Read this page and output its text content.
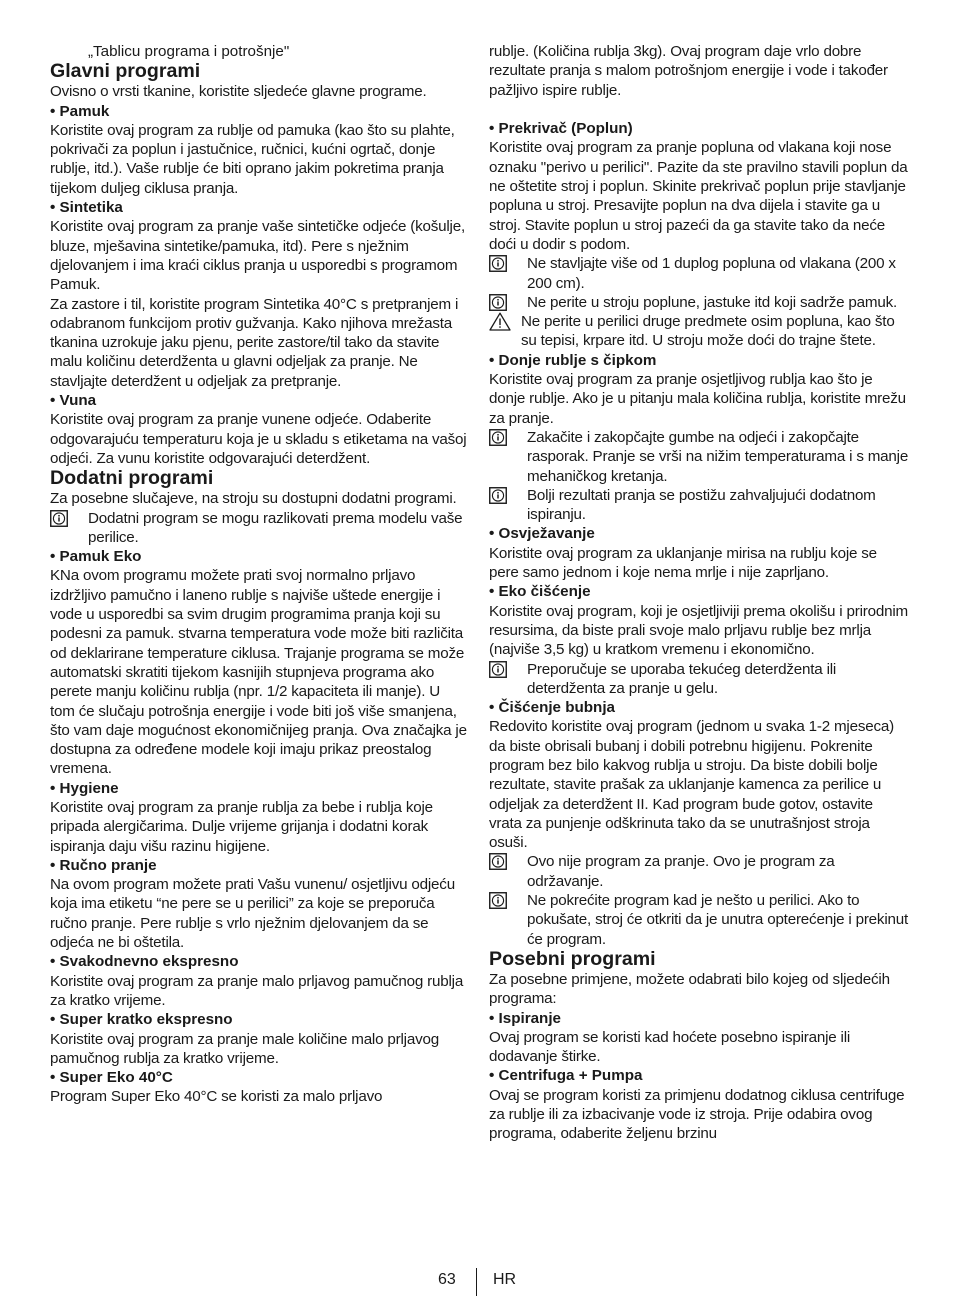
„Tablicu programa i potrošnje"

Glavni programi

Ovisno o vrsti tkanine, koristite sljedeće glavne programe.

• Pamuk

Koristite ovaj program za rublje od pamuka (kao što su plahte, pokrivači za poplun i jastučnice, ručnici, kućni ogrtač, donje rublje, itd.). Vaše rublje će biti oprano jakim pokretima pranja tijekom duljeg ciklusa pranja.

• Sintetika

Koristite ovaj program za pranje vaše sintetičke odjeće (košulje, bluze, mješavina sintetike/pamuka, itd). Pere s nježnim djelovanjem i ima kraći ciklus pranja u usporedbi s programom Pamuk.

Za zastore i til, koristite program Sintetika 40°C s pretpranjem i odabranom funkcijom protiv gužvanja. Kako njihova mrežasta tkanina uzrokuje jaku pjenu, perite zastore/til tako da stavite malu količinu deterdženta u glavni odjeljak za pranje. Ne stavljajte deterdžent u odjeljak za pretpranje.

• Vuna

Koristite ovaj program za pranje vunene odjeće. Odaberite odgovarajuću temperaturu koja je u skladu s etiketama na vašoj odjeći. Za vunu koristite odgovarajući deterdžent.

Dodatni programi

Za posebne slučajeve, na stroju su dostupni dodatni programi.

Dodatni program se mogu razlikovati prema modelu vaše perilice.

• Pamuk Eko

KNa ovom programu možete prati svoj normalno prljavo izdržljivo pamučno i laneno rublje s najviše uštede energije i vode u usporedbi sa svim drugim programima pranja koji su podesni za pamuk. stvarna temperatura vode može biti različita od deklarirane temperature ciklusa. Trajanje programa se može automatski skratiti tijekom kasnijih stupnjeva programa ako perete manju količinu rublja (npr. 1/2 kapaciteta ili manje). U tom će slučaju potrošnja energije i vode biti još više smanjena, što vam daje mogućnost ekonomičnijeg pranja. Ova značajka je dostupna za određene modele koji imaju prikaz preostalog vremena.

• Hygiene

Koristite ovaj program za pranje rublja za bebe i rublja koje pripada alergičarima. Dulje vrijeme grijanja i dodatni korak ispiranja daju višu razinu higijene.

• Ručno pranje

Na ovom program možete prati Vašu vunenu/ osjetljivu odjeću koja ima etiketu “ne pere se u perilici” za koje se preporuča ručno pranje. Pere rublje s vrlo nježnim djelovanjem da se odjeća ne bi oštetila.

• Svakodnevno ekspresno

Koristite ovaj program za pranje malo prljavog pamučnog rublja za kratko vrijeme.

• Super kratko ekspresno

Koristite ovaj program za pranje male količine malo prljavog pamučnog rublja za kratko vrijeme.

• Super Eko 40°C

Program Super Eko 40°C se koristi za malo prljavo

rublje. (Količina rublja 3kg). Ovaj program daje vrlo dobre rezultate pranja s malom potrošnjom energije i vode i također pažljivo ispire rublje.

• Prekrivač (Poplun)

Koristite ovaj program za pranje popluna od vlakana koji nose oznaku "perivo u perilici". Pazite da ste pravilno stavili poplun da ne oštetite stroj i poplun. Skinite prekrivač poplun prije stavljanje popluna u stroj. Presavijte poplun na dva dijela i stavite ga u stroj. Stavite poplun u stroj pazeći da ga stavite tako da neće doći u dodir s podom.

Ne stavljajte više od 1 duplog popluna od vlakana (200 x 200 cm).
Ne perite u stroju poplune, jastuke itd koji sadrže pamuk.
Ne perite u perilici druge predmete osim popluna, kao što su tepisi, krpare itd. U stroju može doći do trajne štete.

• Donje rublje s čipkom

Koristite ovaj program za pranje osjetljivog rublja kao što je donje rublje. Ako je u pitanju mala količina rublja, koristite mrežu za pranje.

Zakačite i zakopčajte gumbe na odjeći i zakopčajte rasporak. Pranje se vrši na nižim temperaturama i s manje mehaničkog kretanja.
Bolji rezultati pranja se postižu zahvaljujući dodatnom ispiranju.

• Osvježavanje

Koristite ovaj program za uklanjanje mirisa na rublju koje se pere samo jednom i koje nema mrlje i nije zaprljano.

• Eko čišćenje

Koristite ovaj program, koji je osjetljiviji prema okolišu i prirodnim resursima, da biste prali svoje malo prljavu rublje bez mrlja (najviše 3,5 kg) u kratkom vremenu i ekonomično.

Preporučuje se uporaba tekućeg deterdženta ili deterdženta za pranje u gelu.

• Čišćenje bubnja

Redovito koristite ovaj program (jednom u svaka 1-2 mjeseca) da biste obrisali bubanj i dobili potrebnu higijenu. Pokrenite program bez bilo kakvog rublja u stroju. Da biste dobili bolje rezultate, stavite prašak za uklanjanje kamenca za perilice u odjeljak za deterdžent II. Kad program bude gotov, ostavite vrata za punjenje odškrinuta tako da se unutrašnjost stroja osuši.

Ovo nije program za pranje. Ovo je program za održavanje.
Ne pokrećite program kad je nešto u perilici. Ako to pokušate, stroj će otkriti da je unutra opterećenje i prekinut će program.
Posebni programi

Za posebne primjene, možete odabrati bilo kojeg od sljedećih programa:

• Ispiranje

Ovaj program se koristi kad hoćete posebno ispiranje ili dodavanje štirke.

• Centrifuga + Pumpa

Ovaj se program koristi za primjenu dodatnog ciklusa centrifuge za rublje ili za izbacivanje vode iz stroja. Prije odabira ovog programa, odaberite željenu brzinu

63 HR
